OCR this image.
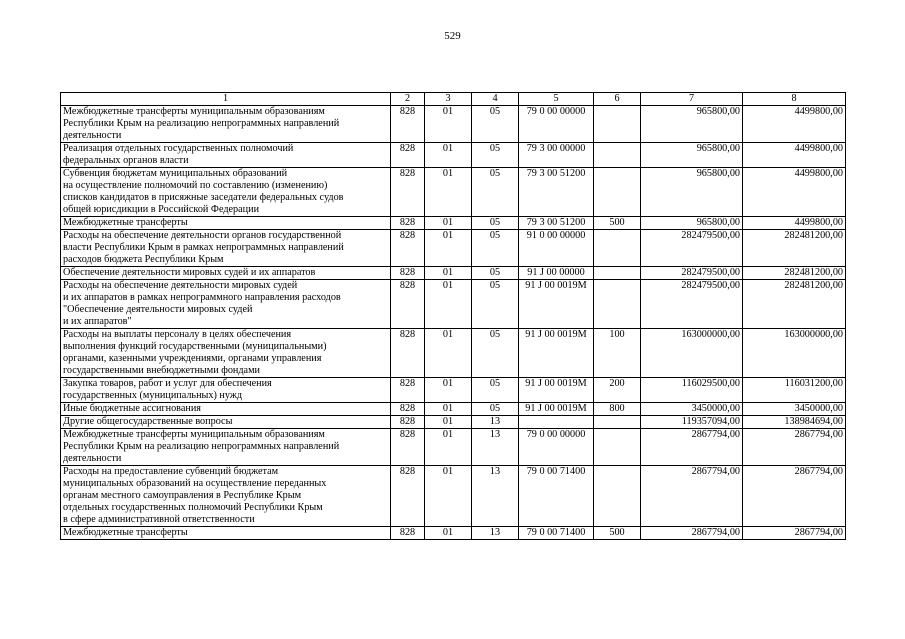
529
1	2	3	4	5	6	7	8
Межбюджетные трансферты муниципальным образованиям
Республики Крым на реализацию непрограммных направлений
деятельности	828	01	05	79 0 00 00000		965800,00	4499800,00
Реализация отдельных государственных полномочий
федеральных органов власти	828	01	05	79 3 00 00000		965800,00	4499800,00
Субвенция бюджетам муниципальных образований
на осуществление полномочий по составлению (изменению)
списков кандидатов в присяжные заседатели федеральных судов
общей юрисдикции в Российской Федерации	828	01	05	79 3 00 51200		965800,00	4499800,00
Межбюджетные трансферты	828	01	05	79 3 00 51200	500	965800,00	4499800,00
Расходы на обеспечение деятельности органов государственной
власти Республики Крым в рамках непрограммных направлений
расходов бюджета Республики Крым	828	01	05	91 0 00 00000		282479500,00	282481200,00
Обеспечение деятельности мировых судей и их аппаратов	828	01	05	91 J 00 00000		282479500,00	282481200,00
Расходы на обеспечение деятельности мировых судей
и их аппаратов в рамках непрограммного направления расходов
"Обеспечение деятельности мировых судей
и их аппаратов"	828	01	05	91 J 00 0019M		282479500,00	282481200,00
Расходы на выплаты персоналу в целях обеспечения
выполнения функций государственными (муниципальными)
органами, казенными учреждениями, органами управления
государственными внебюджетными фондами	828	01	05	91 J 00 0019M	100	163000000,00	163000000,00
Закупка товаров, работ и услуг для обеспечения
государственных (муниципальных) нужд	828	01	05	91 J 00 0019M	200	116029500,00	116031200,00
Иные бюджетные ассигнования	828	01	05	91 J 00 0019M	800	3450000,00	3450000,00
Другие общегосударственные вопросы	828	01	13			119357094,00	138984694,00
Межбюджетные трансферты муниципальным образованиям
Республики Крым на реализацию непрограммных направлений
деятельности	828	01	13	79 0 00 00000		2867794,00	2867794,00
Расходы на предоставление субвенций бюджетам
муниципальных образований на осуществление переданных
органам местного самоуправления в Республике Крым
отдельных государственных полномочий Республики Крым
в сфере административной ответственности	828	01	13	79 0 00 71400		2867794,00	2867794,00
Межбюджетные трансферты	828	01	13	79 0 00 71400	500	2867794,00	2867794,00
